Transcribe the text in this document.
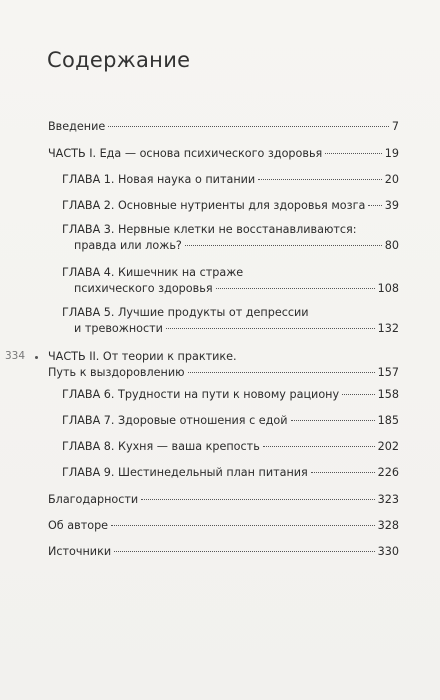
Содержание
334
Введение	7
ЧАСТЬ I. Еда — основа психического здоровья	19
ГЛАВА 1. Новая наука о питании	20
ГЛАВА 2. Основные нутриенты для здоровья мозга 39
ГЛАВА 3. Нервные клетки не восстанавливаются:
правда или ложь?	80
ГЛАВА 4. Кишечник на страже
психического здоровья	108
ГЛАВА 5. Лучшие продукты от депрессии
и тревожности	132
ЧАСТЬ II. От теории к практике.
Путь к выздоровлению	157
ГЛАВА 6. Трудности на пути к новому рациону	158
ГЛАВА 7. Здоровые отношения с едой	185
ГЛАВА 8. Кухня — ваша крепость	202
ГЛАВА 9. Шестинедельный план питания	226
Благодарности	323
Об авторе	328
Источники	330
